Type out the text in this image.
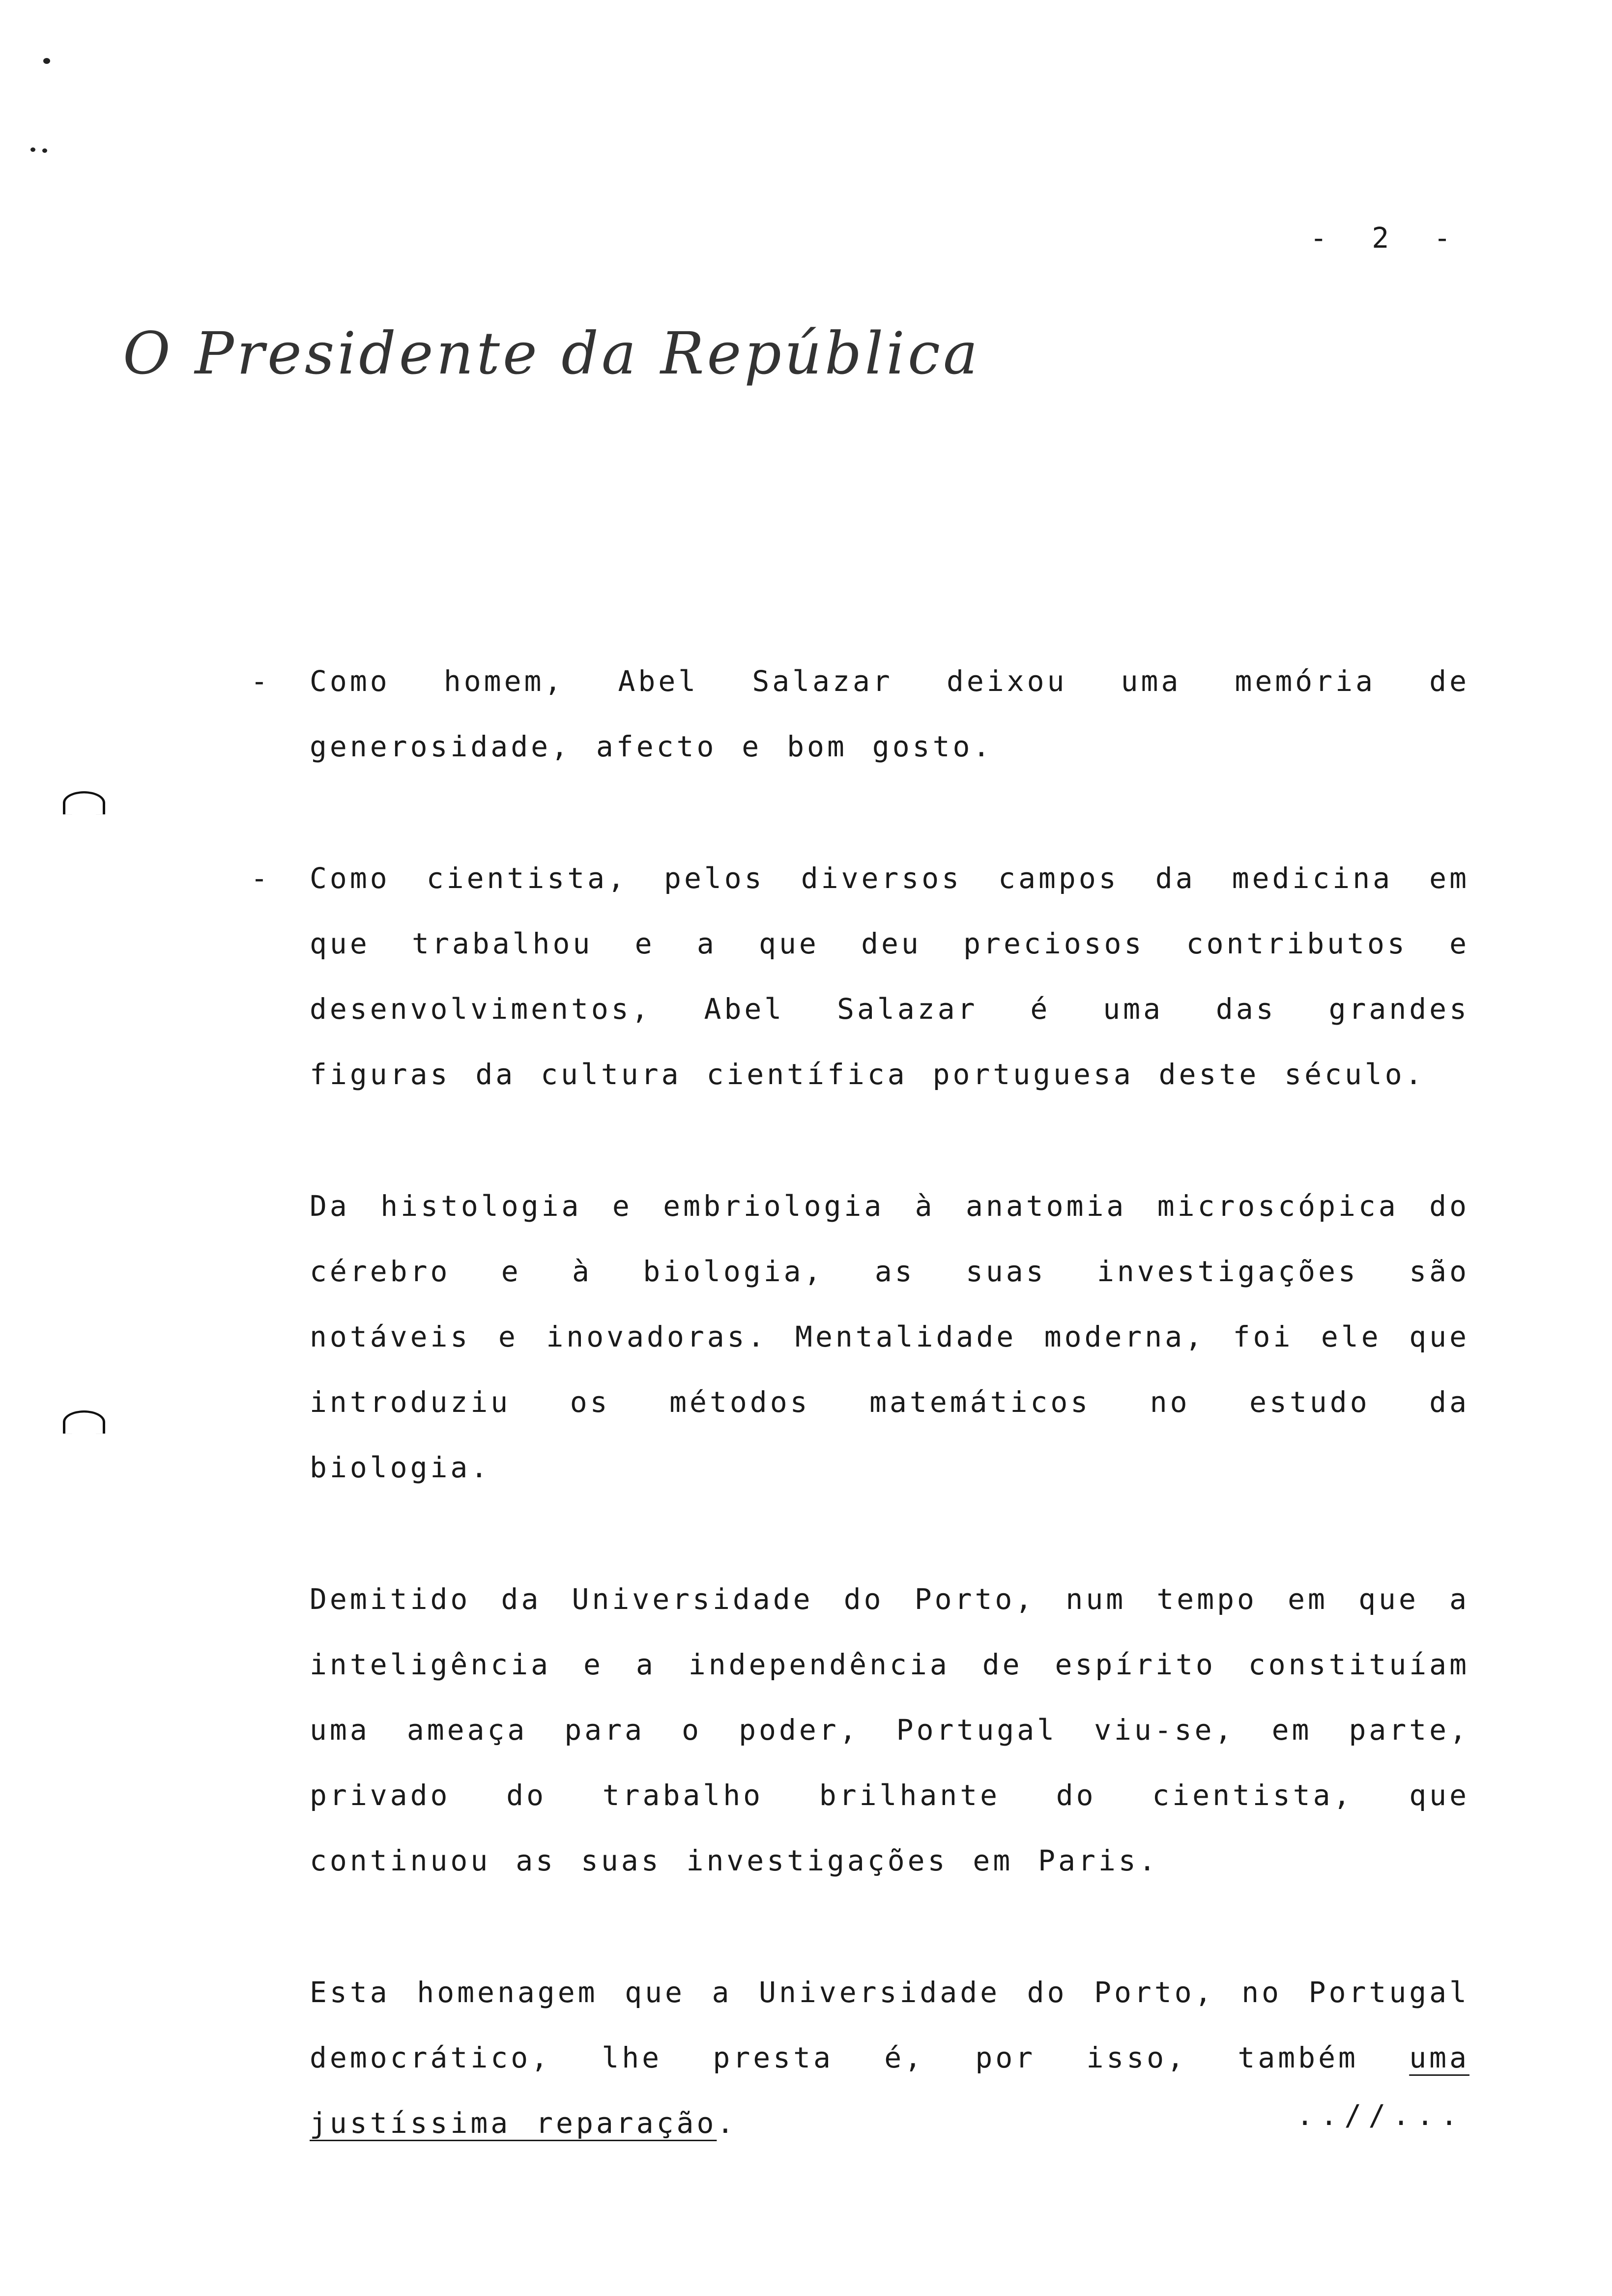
- 2 -
O Presidente da República

- Como homem, Abel Salazar deixou uma memória de generosidade, afecto e bom gosto.

- Como cientista, pelos diversos campos da medicina em que trabalhou e a que deu preciosos contributos e desenvolvimentos, Abel Salazar é uma das grandes figuras da cultura científica portuguesa deste século.

Da histologia e embriologia à anatomia microscópica do cérebro e à biologia, as suas investigações são notáveis e inovadoras. Mentalidade moderna, foi ele que introduziu os métodos matemáticos no estudo da biologia.

Demitido da Universidade do Porto, num tempo em que a inteligência e a independência de espírito constituíam uma ameaça para o poder, Portugal viu-se, em parte, privado do trabalho brilhante do cientista, que continuou as suas investigações em Paris.

Esta homenagem que a Universidade do Porto, no Portugal democrático, lhe presta é, por isso, também uma justíssima reparação.	..//...
